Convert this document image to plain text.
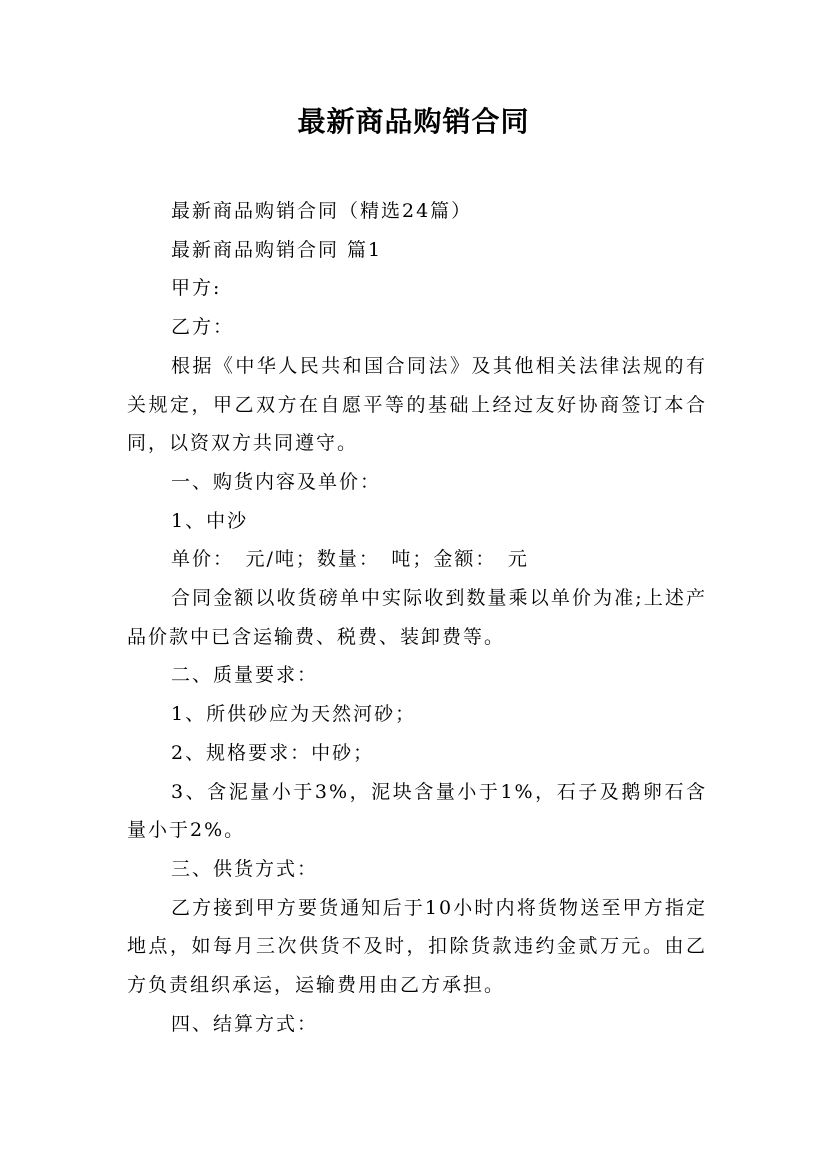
最新商品购销合同

最新商品购销合同（精选24篇）

最新商品购销合同 篇1

甲方:

乙方：

根据《中华人民共和国合同法》及其他相关法律法规的有关规定，甲乙双方在自愿平等的基础上经过友好协商签订本合同，以资双方共同遵守。

一、购货内容及单价：

1、中沙

单价：　元/吨；数量：　吨；金额：　元

合同金额以收货磅单中实际收到数量乘以单价为准;上述产品价款中已含运输费、税费、装卸费等。

二、质量要求：

1、所供砂应为天然河砂；

2、规格要求：中砂；

3、含泥量小于3%，泥块含量小于1%，石子及鹅卵石含量小于2%。

三、供货方式：

乙方接到甲方要货通知后于10小时内将货物送至甲方指定地点，如每月三次供货不及时，扣除货款违约金贰万元。由乙方负责组织承运，运输费用由乙方承担。

四、结算方式：
